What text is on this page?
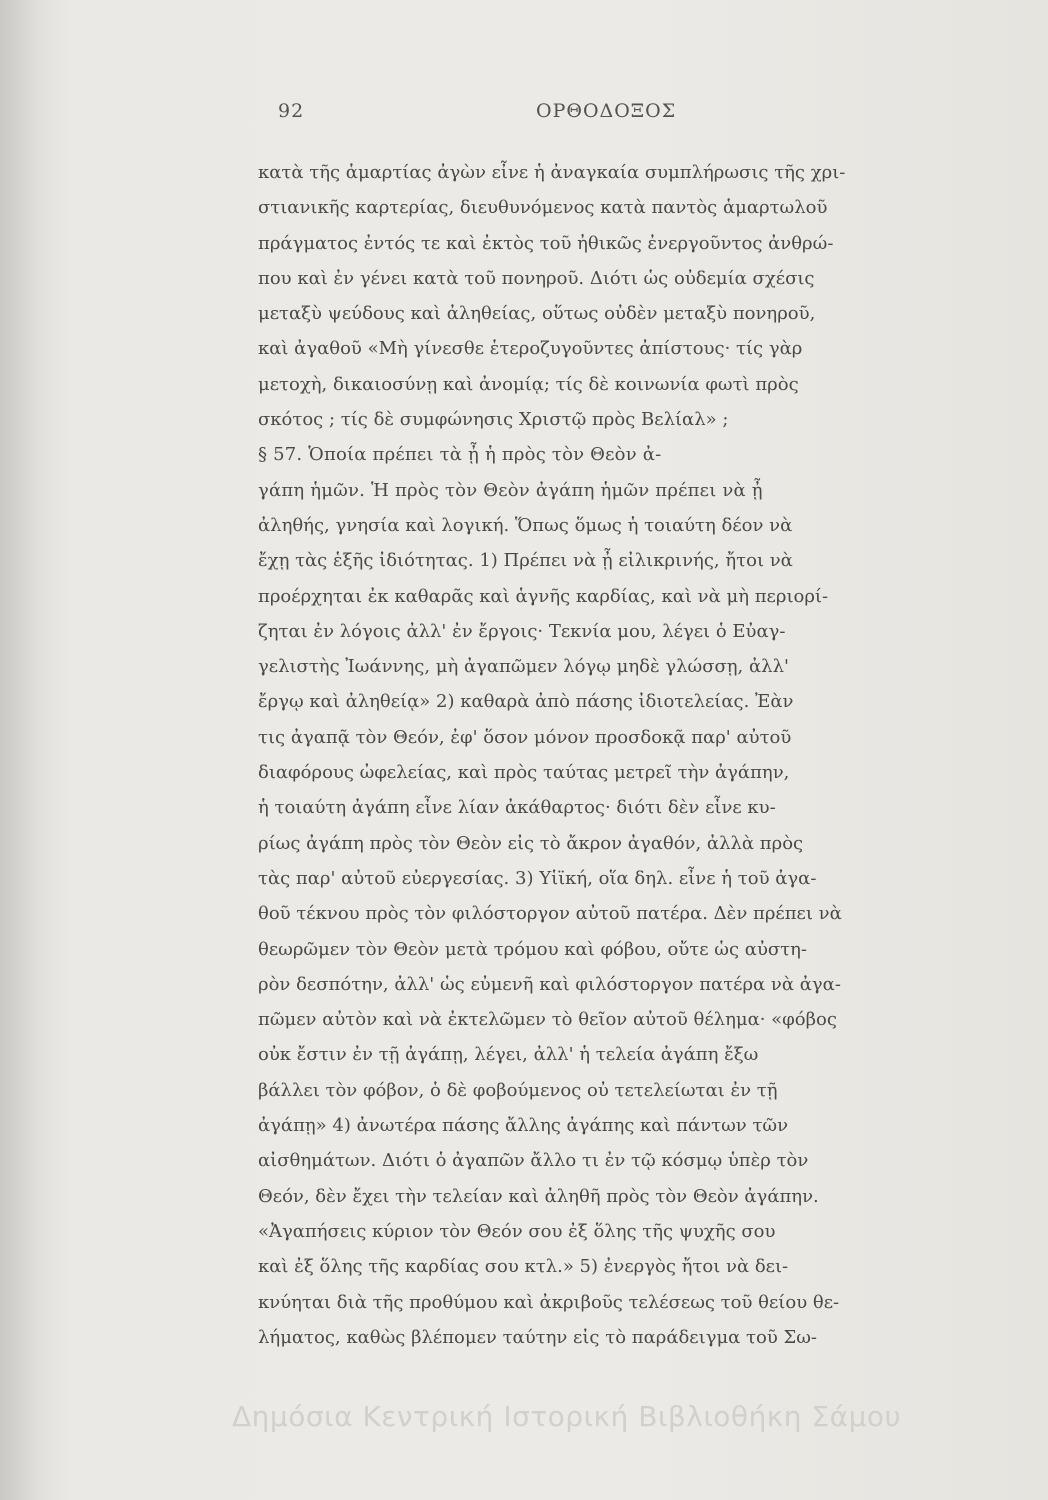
92	ΟΡΘΟΔΟΞΟΣ
κατὰ τῆς ἁμαρτίας ἀγὼν εἶνε ἡ ἀναγκαία συμπλήρωσις τῆς χρι-
στιανικῆς καρτερίας, διευθυνόμενος κατὰ παντὸς ἁμαρτωλοῦ
πράγματος ἐντός τε καὶ ἐκτὸς τοῦ ἠθικῶς ἐνεργοῦντος ἀνθρώ-
που καὶ ἐν γένει κατὰ τοῦ πονηροῦ. Διότι ὡς οὐδεμία σχέσις
μεταξὺ ψεύδους καὶ ἀληθείας, οὕτως οὐδὲν μεταξὺ πονηροῦ,
καὶ ἀγαθοῦ «Μὴ γίνεσθε ἑτεροζυγοῦντες ἀπίστους· τίς γὰρ
μετοχὴ, δικαιοσύνῃ καὶ ἀνομίᾳ; τίς δὲ κοινωνία φωτὶ πρὸς
σκότος ; τίς δὲ συμφώνησις Χριστῷ πρὸς Βελίαλ» ;
§ 57. Ὁποία πρέπει τὰ ᾖ ἡ πρὸς τὸν Θεὸν ἀ-
γάπη ἡμῶν. Ἡ πρὸς τὸν Θεὸν ἀγάπη ἡμῶν πρέπει νὰ ᾖ
ἀληθής, γνησία καὶ λογική. Ὅπως ὅμως ἡ τοιαύτη δέον νὰ
ἔχῃ τὰς ἑξῆς ἰδιότητας. 1) Πρέπει νὰ ᾖ εἰλικρινής, ἤτοι νὰ
προέρχηται ἐκ καθαρᾶς καὶ ἁγνῆς καρδίας, καὶ νὰ μὴ περιορί-
ζηται ἐν λόγοις ἀλλ' ἐν ἔργοις· Τεκνία μου, λέγει ὁ Εὐαγ-
γελιστὴς Ἰωάννης, μὴ ἀγαπῶμεν λόγῳ μηδὲ γλώσσῃ, ἀλλ'
ἔργῳ καὶ ἀληθείᾳ» 2) καθαρὰ ἀπὸ πάσης ἰδιοτελείας. Ἐὰν
τις ἀγαπᾷ τὸν Θεόν, ἐφ' ὅσον μόνον προσδοκᾷ παρ' αὐτοῦ
διαφόρους ὠφελείας, καὶ πρὸς ταύτας μετρεῖ τὴν ἀγάπην,
ἡ τοιαύτη ἀγάπη εἶνε λίαν ἀκάθαρτος· διότι δὲν εἶνε κυ-
ρίως ἀγάπη πρὸς τὸν Θεὸν εἰς τὸ ἄκρον ἀγαθόν, ἀλλὰ πρὸς
τὰς παρ' αὐτοῦ εὐεργεσίας. 3) Υἱϊκή, οἵα δηλ. εἶνε ἡ τοῦ ἀγα-
θοῦ τέκνου πρὸς τὸν φιλόστοργον αὐτοῦ πατέρα. Δὲν πρέπει νὰ
θεωρῶμεν τὸν Θεὸν μετὰ τρόμου καὶ φόβου, οὔτε ὡς αὐστη-
ρὸν δεσπότην, ἀλλ' ὡς εὐμενῆ καὶ φιλόστοργον πατέρα νὰ ἀγα-
πῶμεν αὐτὸν καὶ νὰ ἐκτελῶμεν τὸ θεῖον αὐτοῦ θέλημα· «φόβος
οὐκ ἔστιν ἐν τῇ ἀγάπῃ, λέγει, ἀλλ' ἡ τελεία ἀγάπη ἔξω
βάλλει τὸν φόβον, ὁ δὲ φοβούμενος οὐ τετελείωται ἐν τῇ
ἀγάπῃ» 4) ἀνωτέρα πάσης ἄλλης ἀγάπης καὶ πάντων τῶν
αἰσθημάτων. Διότι ὁ ἀγαπῶν ἄλλο τι ἐν τῷ κόσμῳ ὑπὲρ τὸν
Θεόν, δὲν ἔχει τὴν τελείαν καὶ ἀληθῆ πρὸς τὸν Θεὸν ἀγάπην.
«Ἀγαπήσεις κύριον τὸν Θεόν σου ἐξ ὅλης τῆς ψυχῆς σου
καὶ ἐξ ὅλης τῆς καρδίας σου κτλ.» 5) ἐνεργὸς ἤτοι νὰ δει-
κνύηται διὰ τῆς προθύμου καὶ ἀκριβοῦς τελέσεως τοῦ θείου θε-
λήματος, καθὼς βλέπομεν ταύτην εἰς τὸ παράδειγμα τοῦ Σω-
Δημόσια Κεντρική Ιστορική Βιβλιοθήκη Σάμου
